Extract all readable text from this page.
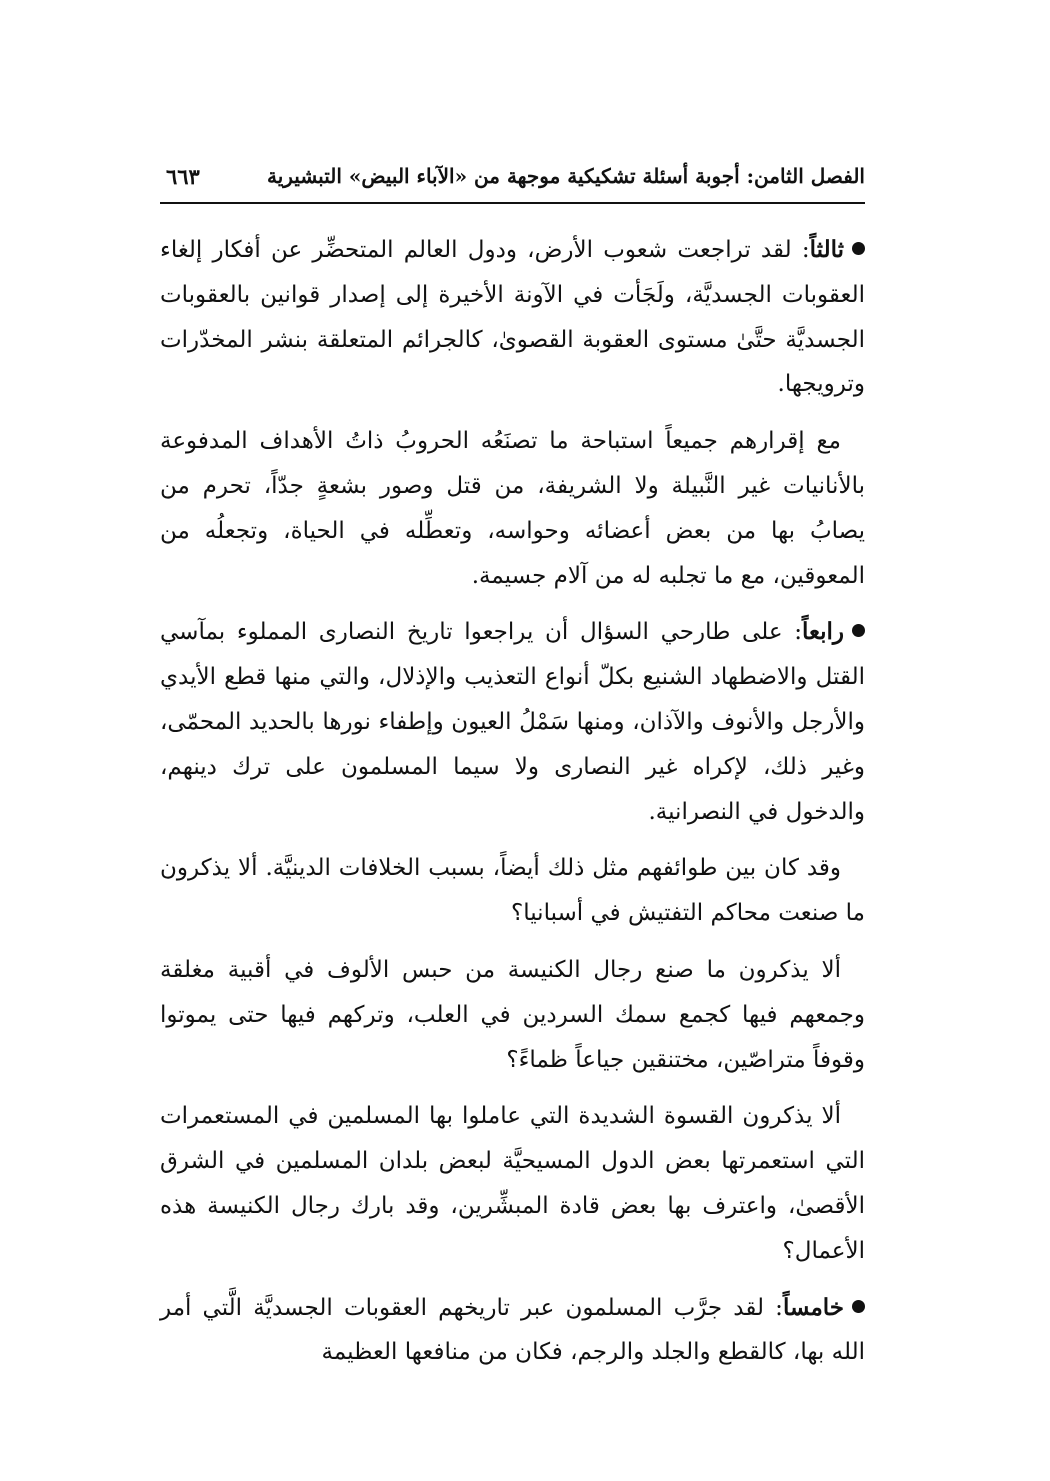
الفصل الثامن: أجوبة أسئلة تشكيكية موجهة من «الآباء البيض» التبشيرية
٦٦٣

ثالثاً: لقد تراجعت شعوب الأرض، ودول العالم المتحضِّر عن أفكار إلغاء العقوبات الجسديَّة، ولَجَأت في الآونة الأخيرة إلى إصدار قوانين بالعقوبات الجسديَّة حتَّىٰ مستوى العقوبة القصوىٰ، كالجرائم المتعلقة بنشر المخدّرات وترويجها.

مع إقرارهم جميعاً استباحة ما تصنَعُه الحروبُ ذاتُ الأهداف المدفوعة بالأنانيات غير النَّبيلة ولا الشريفة، من قتل وصور بشعةٍ جدّاً، تحرم من يصابُ بها من بعض أعضائه وحواسه، وتعطِّله في الحياة، وتجعلُه من المعوقين، مع ما تجلبه له من آلام جسيمة.

رابعاً: على طارحي السؤال أن يراجعوا تاريخ النصارى المملوء بمآسي القتل والاضطهاد الشنيع بكلّ أنواع التعذيب والإذلال، والتي منها قطع الأيدي والأرجل والأنوف والآذان، ومنها سَمْلُ العيون وإطفاء نورها بالحديد المحمّى، وغير ذلك، لإكراه غير النصارى ولا سيما المسلمون على ترك دينهم، والدخول في النصرانية.

وقد كان بين طوائفهم مثل ذلك أيضاً، بسبب الخلافات الدينيَّة. ألا يذكرون ما صنعت محاكم التفتيش في أسبانيا؟

ألا يذكرون ما صنع رجال الكنيسة من حبس الألوف في أقبية مغلقة وجمعهم فيها كجمع سمك السردين في العلب، وتركهم فيها حتى يموتوا وقوفاً متراصّين، مختنقين جياعاً ظماءً؟

ألا يذكرون القسوة الشديدة التي عاملوا بها المسلمين في المستعمرات التي استعمرتها بعض الدول المسيحيَّة لبعض بلدان المسلمين في الشرق الأقصىٰ، واعترف بها بعض قادة المبشِّرين، وقد بارك رجال الكنيسة هذه الأعمال؟

خامساً: لقد جرَّب المسلمون عبر تاريخهم العقوبات الجسديَّة الَّتي أمر الله بها، كالقطع والجلد والرجم، فكان من منافعها العظيمة
